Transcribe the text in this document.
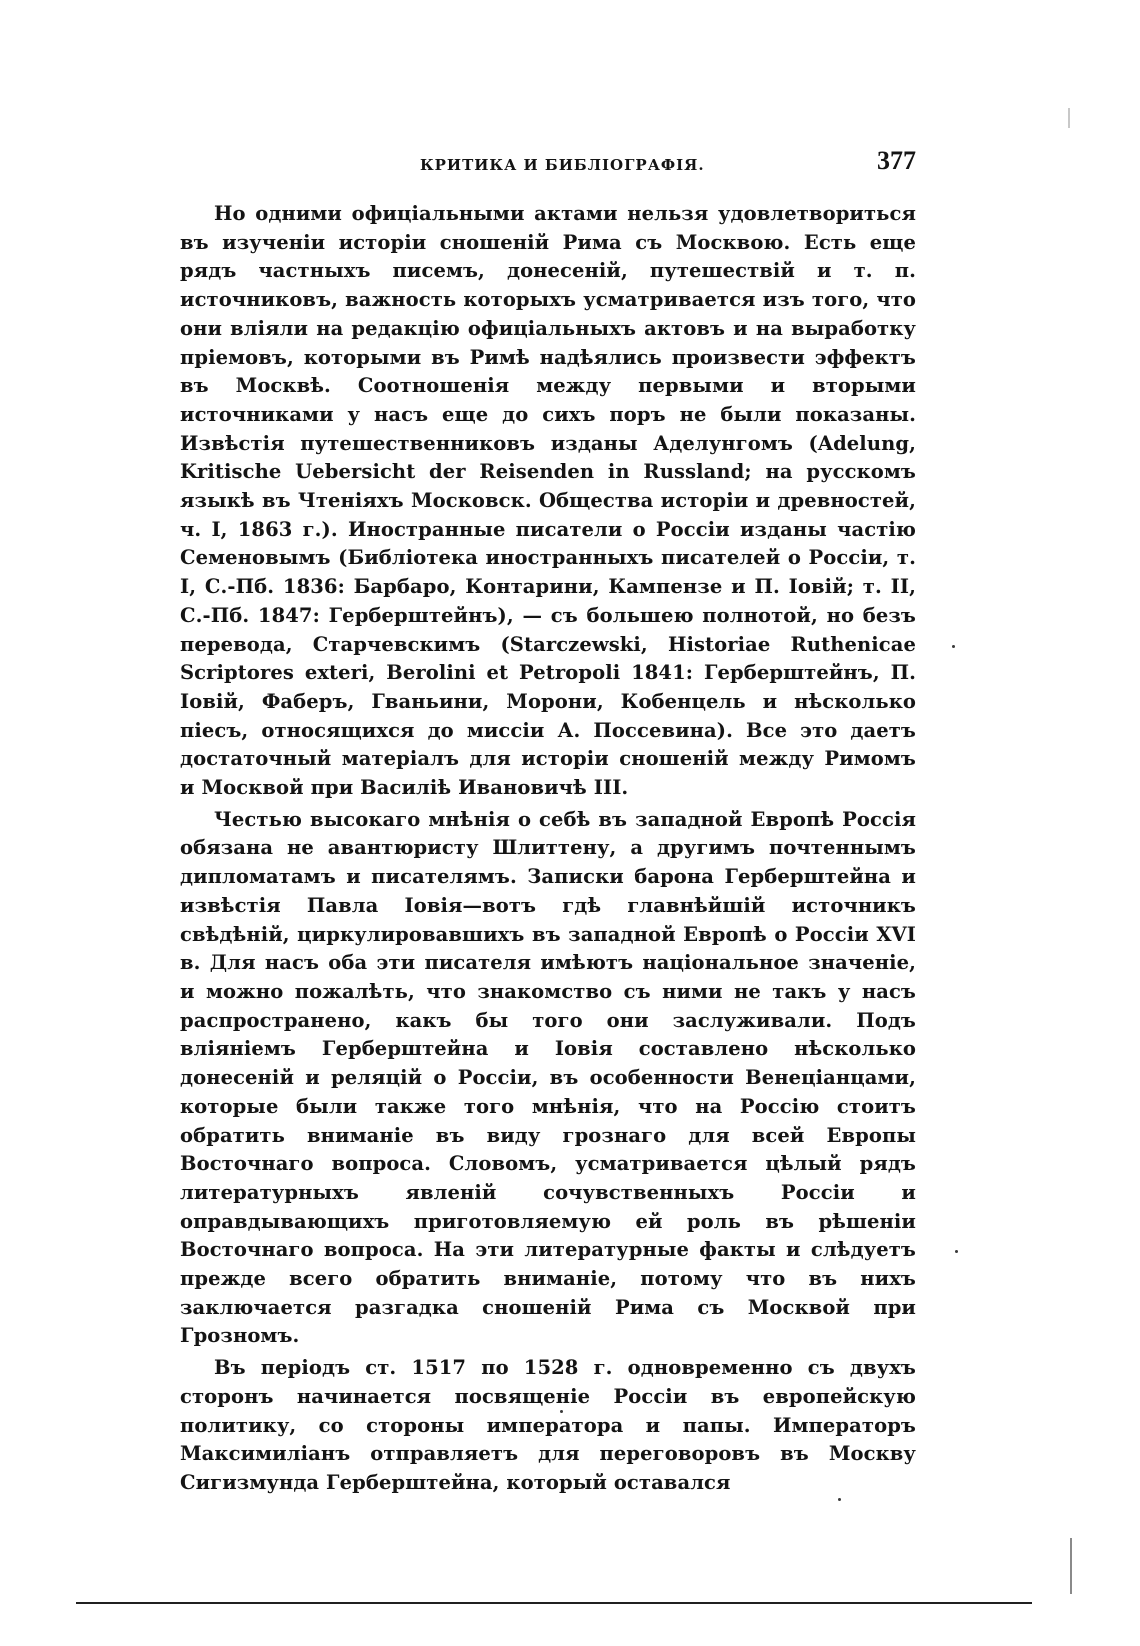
КРИТИКА И БИБЛІОГРАФІЯ.	377

Но одними офиціальными актами нельзя удовлетвориться въ изученіи исторіи сношеній Рима съ Москвою. Есть еще рядъ частныхъ писемъ, донесеній, путешествій и т. п. источниковъ, важность которыхъ усматривается изъ того, что они вліяли на редакцію офиціальныхъ актовъ и на выработку пріемовъ, которыми въ Римѣ надѣялись произвести эффектъ въ Москвѣ. Соотношенія между первыми и вторыми источниками у насъ еще до сихъ поръ не были показаны. Извѣстія путешественниковъ изданы Аделунгомъ (Adelung, Kritische Uebersicht der Reisenden in Russland; на русскомъ языкѣ въ Чтеніяхъ Московск. Общества исторіи и древностей, ч. I, 1863 г.). Иностранные писатели о Россіи изданы частію Семеновымъ (Библіотека иностранныхъ писателей о Россіи, т. I, С.-Пб. 1836: Барбаро, Контарини, Кампензе и П. Іовій; т. II, С.-Пб. 1847: Герберштейнъ), — съ большею полнотой, но безъ перевода, Старчевскимъ (Starczewski, Historiae Ruthenicae Scriptores exteri, Berolini et Petropoli 1841: Герберштейнъ, П. Іовій, Фаберъ, Гваньини, Морони, Кобенцель и нѣсколько піесъ, относящихся до миссіи А. Поссевина). Все это даетъ достаточный матеріалъ для исторіи сношеній между Римомъ и Москвой при Василіѣ Ивановичѣ III.

Честью высокаго мнѣнія о себѣ въ западной Европѣ Россія обязана не авантюристу Шлиттену, а другимъ почтеннымъ дипломатамъ и писателямъ. Записки барона Герберштейна и извѣстія Павла Іовія—вотъ гдѣ главнѣйшій источникъ свѣдѣній, циркулировавшихъ въ западной Европѣ о Россіи XVI в. Для насъ оба эти писателя имѣютъ національное значеніе, и можно пожалѣть, что знакомство съ ними не такъ у насъ распространено, какъ бы того они заслуживали. Подъ вліяніемъ Герберштейна и Іовія составлено нѣсколько донесеній и реляцій о Россіи, въ особенности Венеціанцами, которые были также того мнѣнія, что на Россію стоитъ обратить вниманіе въ виду грознаго для всей Европы Восточнаго вопроса. Словомъ, усматривается цѣлый рядъ литературныхъ явленій сочувственныхъ Россіи и оправдывающихъ приготовляемую ей роль въ рѣшеніи Восточнаго вопроса. На эти литературные факты и слѣдуетъ прежде всего обратить вниманіе, потому что въ нихъ заключается разгадка сношеній Рима съ Москвой при Грозномъ.

Въ періодъ ст. 1517 по 1528 г. одновременно съ двухъ сторонъ начинается посвященіе Россіи въ европейскую политику, со стороны императора и папы. Императоръ Максимиліанъ отправляетъ для переговоровъ въ Москву Сигизмунда Герберштейна, который оставался
